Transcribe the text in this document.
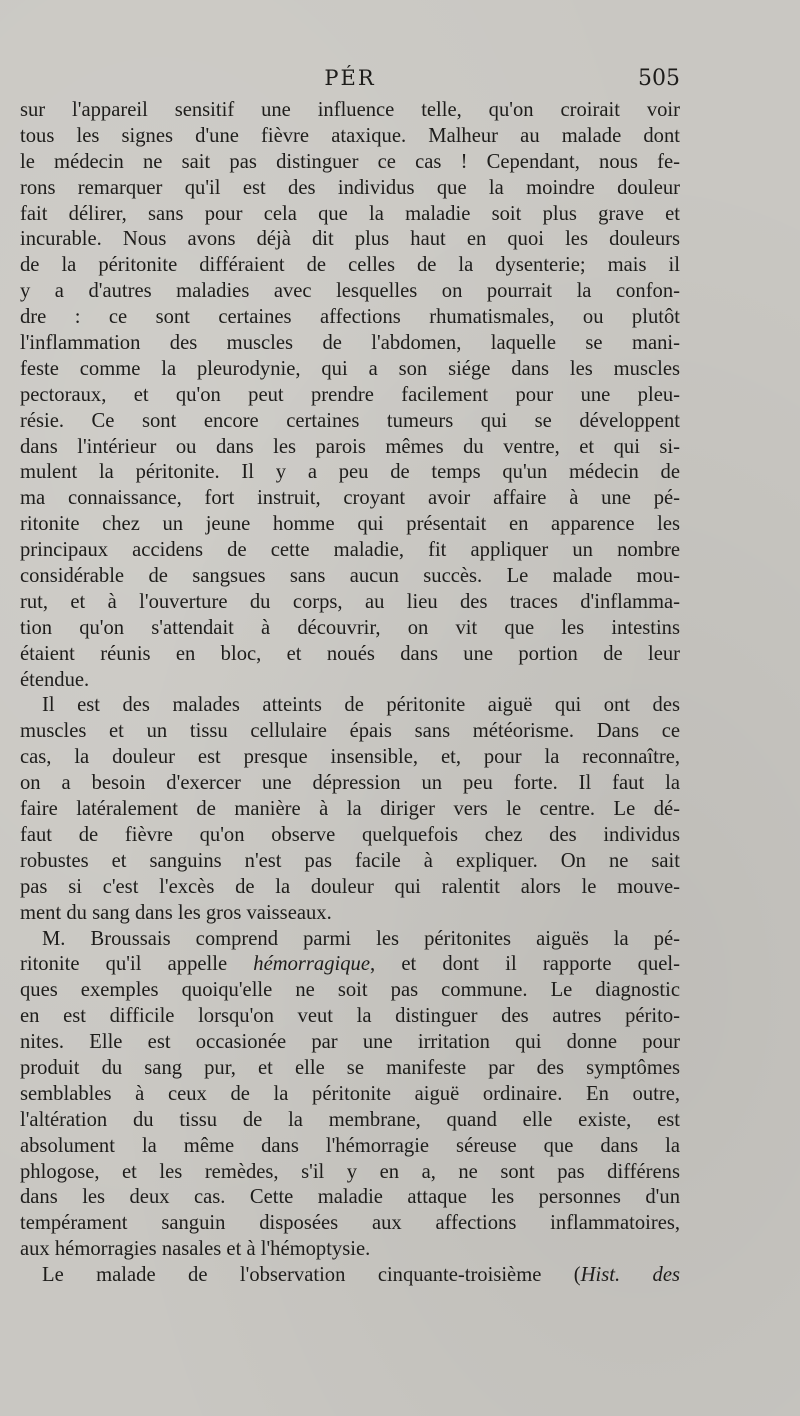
PÉR	505
sur l'appareil sensitif une influence telle, qu'on croirait voir
tous les signes d'une fièvre ataxique. Malheur au malade dont
le médecin ne sait pas distinguer ce cas ! Cependant, nous fe-
rons remarquer qu'il est des individus que la moindre douleur
fait délirer, sans pour cela que la maladie soit plus grave et
incurable. Nous avons déjà dit plus haut en quoi les douleurs
de la péritonite différaient de celles de la dysenterie; mais il
y a d'autres maladies avec lesquelles on pourrait la confon-
dre : ce sont certaines affections rhumatismales, ou plutôt
l'inflammation des muscles de l'abdomen, laquelle se mani-
feste comme la pleurodynie, qui a son siége dans les muscles
pectoraux, et qu'on peut prendre facilement pour une pleu-
résie. Ce sont encore certaines tumeurs qui se développent
dans l'intérieur ou dans les parois mêmes du ventre, et qui si-
mulent la péritonite. Il y a peu de temps qu'un médecin de
ma connaissance, fort instruit, croyant avoir affaire à une pé-
ritonite chez un jeune homme qui présentait en apparence les
principaux accidens de cette maladie, fit appliquer un nombre
considérable de sangsues sans aucun succès. Le malade mou-
rut, et à l'ouverture du corps, au lieu des traces d'inflamma-
tion qu'on s'attendait à découvrir, on vit que les intestins
étaient réunis en bloc, et noués dans une portion de leur
étendue.
Il est des malades atteints de péritonite aiguë qui ont des
muscles et un tissu cellulaire épais sans météorisme. Dans ce
cas, la douleur est presque insensible, et, pour la reconnaître,
on a besoin d'exercer une dépression un peu forte. Il faut la
faire latéralement de manière à la diriger vers le centre. Le dé-
faut de fièvre qu'on observe quelquefois chez des individus
robustes et sanguins n'est pas facile à expliquer. On ne sait
pas si c'est l'excès de la douleur qui ralentit alors le mouve-
ment du sang dans les gros vaisseaux.
M. Broussais comprend parmi les péritonites aiguës la pé-
ritonite qu'il appelle hémorragique, et dont il rapporte quel-
ques exemples quoiqu'elle ne soit pas commune. Le diagnostic
en est difficile lorsqu'on veut la distinguer des autres périto-
nites. Elle est occasionée par une irritation qui donne pour
produit du sang pur, et elle se manifeste par des symptômes
semblables à ceux de la péritonite aiguë ordinaire. En outre,
l'altération du tissu de la membrane, quand elle existe, est
absolument la même dans l'hémorragie séreuse que dans la
phlogose, et les remèdes, s'il y en a, ne sont pas différens
dans les deux cas. Cette maladie attaque les personnes d'un
tempérament sanguin disposées aux affections inflammatoires,
aux hémorragies nasales et à l'hémoptysie.
Le malade de l'observation cinquante-troisième (Hist. des
